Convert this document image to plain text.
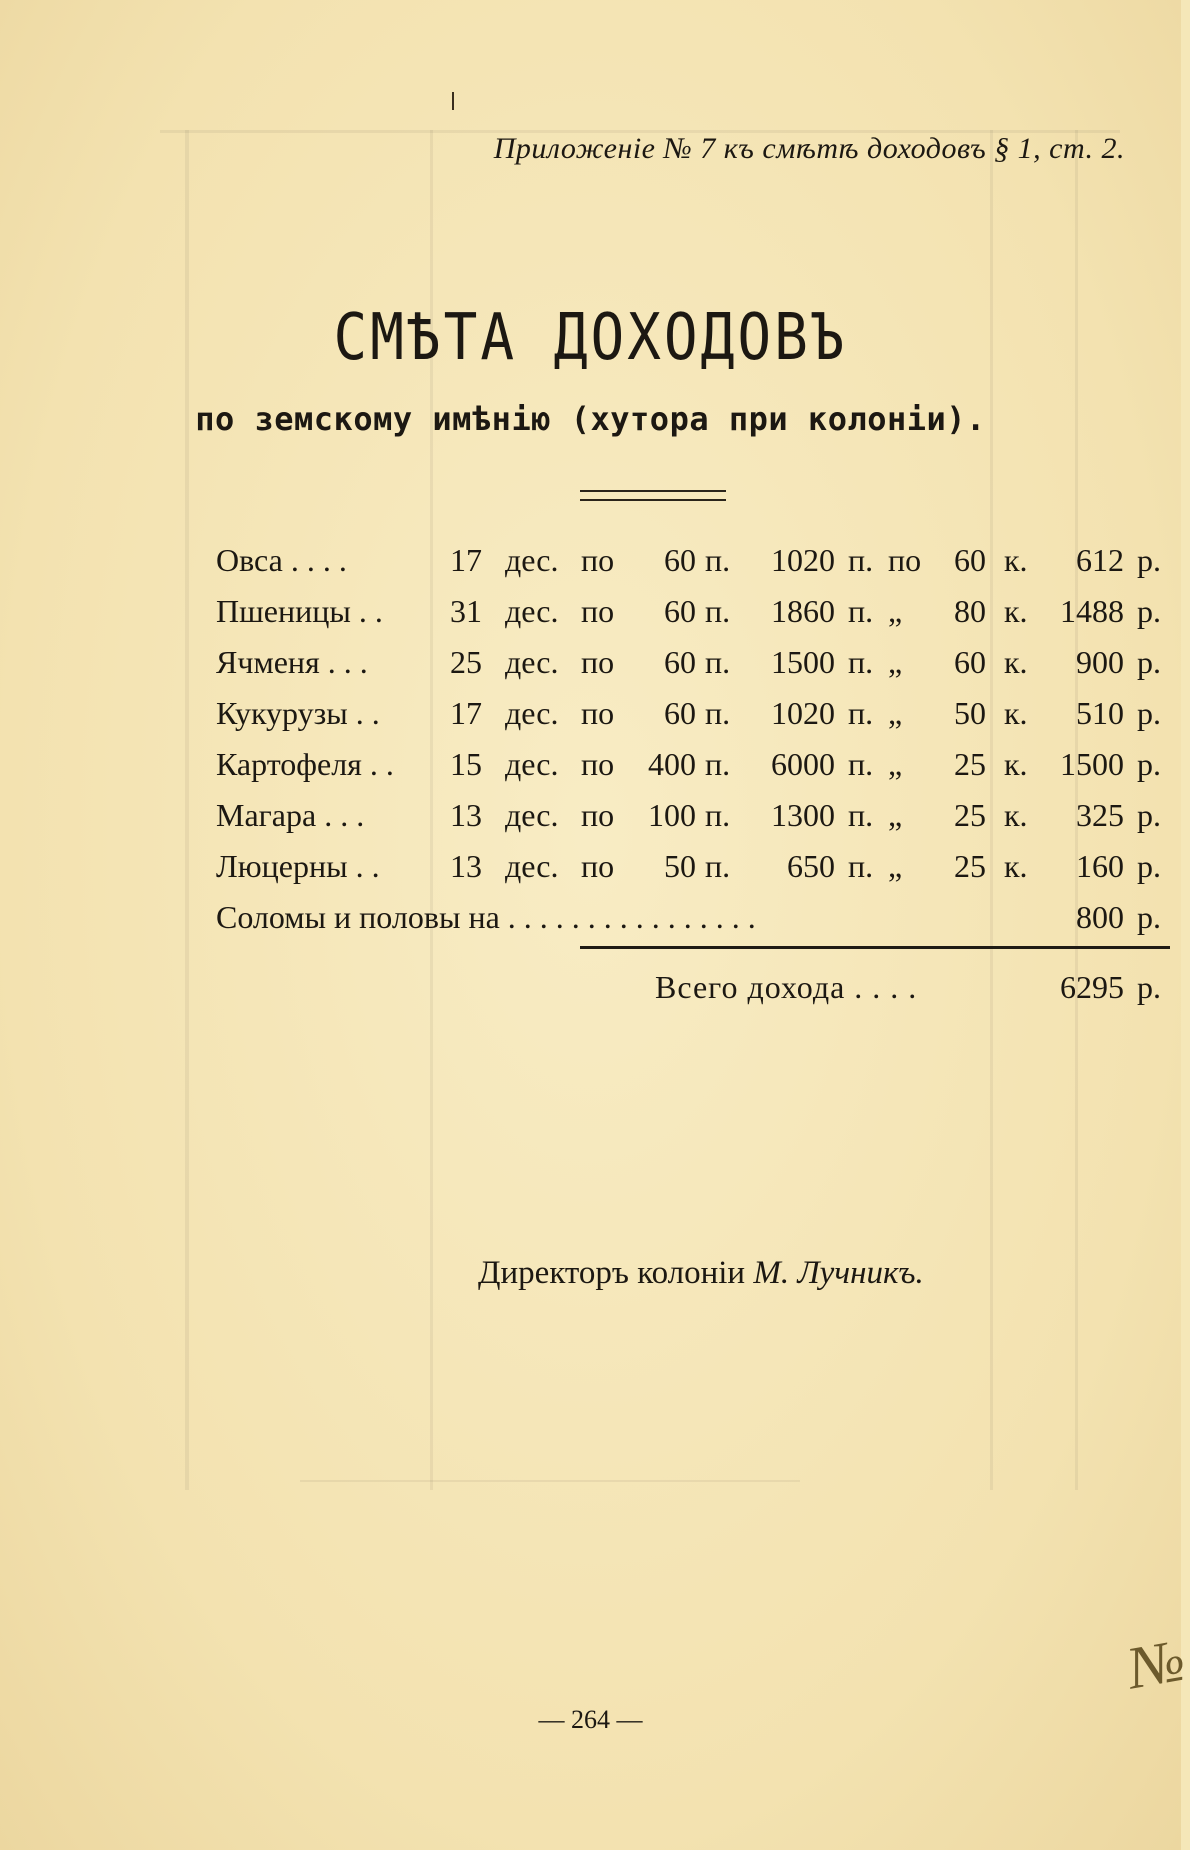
Приложеніе № 7 къ смѣтѣ доходовъ § 1, ст. 2.
СМѢТА ДОХОДОВЪ
по земскому имѣнію (хутора при колоніи).
Овса . . . .	17 дес. по	60 п.	1020 п. по	60 к.	612 р.
Пшеницы . . 31 дес. по	60 п.	1860 п. „	80 к.	1488 р.
Ячменя . . .	25 дес. по	60 п.	1500 п. „	60 к.	900 р.
Кукурузы . . 17 дес. по	60 п.	1020 п. „	50 к.	510 р.
Картофеля . . 15 дес. по	400 п.	6000 п. „	25 к.	1500 р.
Магара . . .	13 дес. по	100 п.	1300 п. „	25 к.	325 р.
Люцерны . . 13 дес. по	50 п.	650 п. „	25 к.	160 р.
Соломы и половы на . . . . . . . . . . . . . . . .	800 р.
Всего дохода . . . .	6295 р.
Директоръ колоніи М. Лучникъ.
— 264 —
№
